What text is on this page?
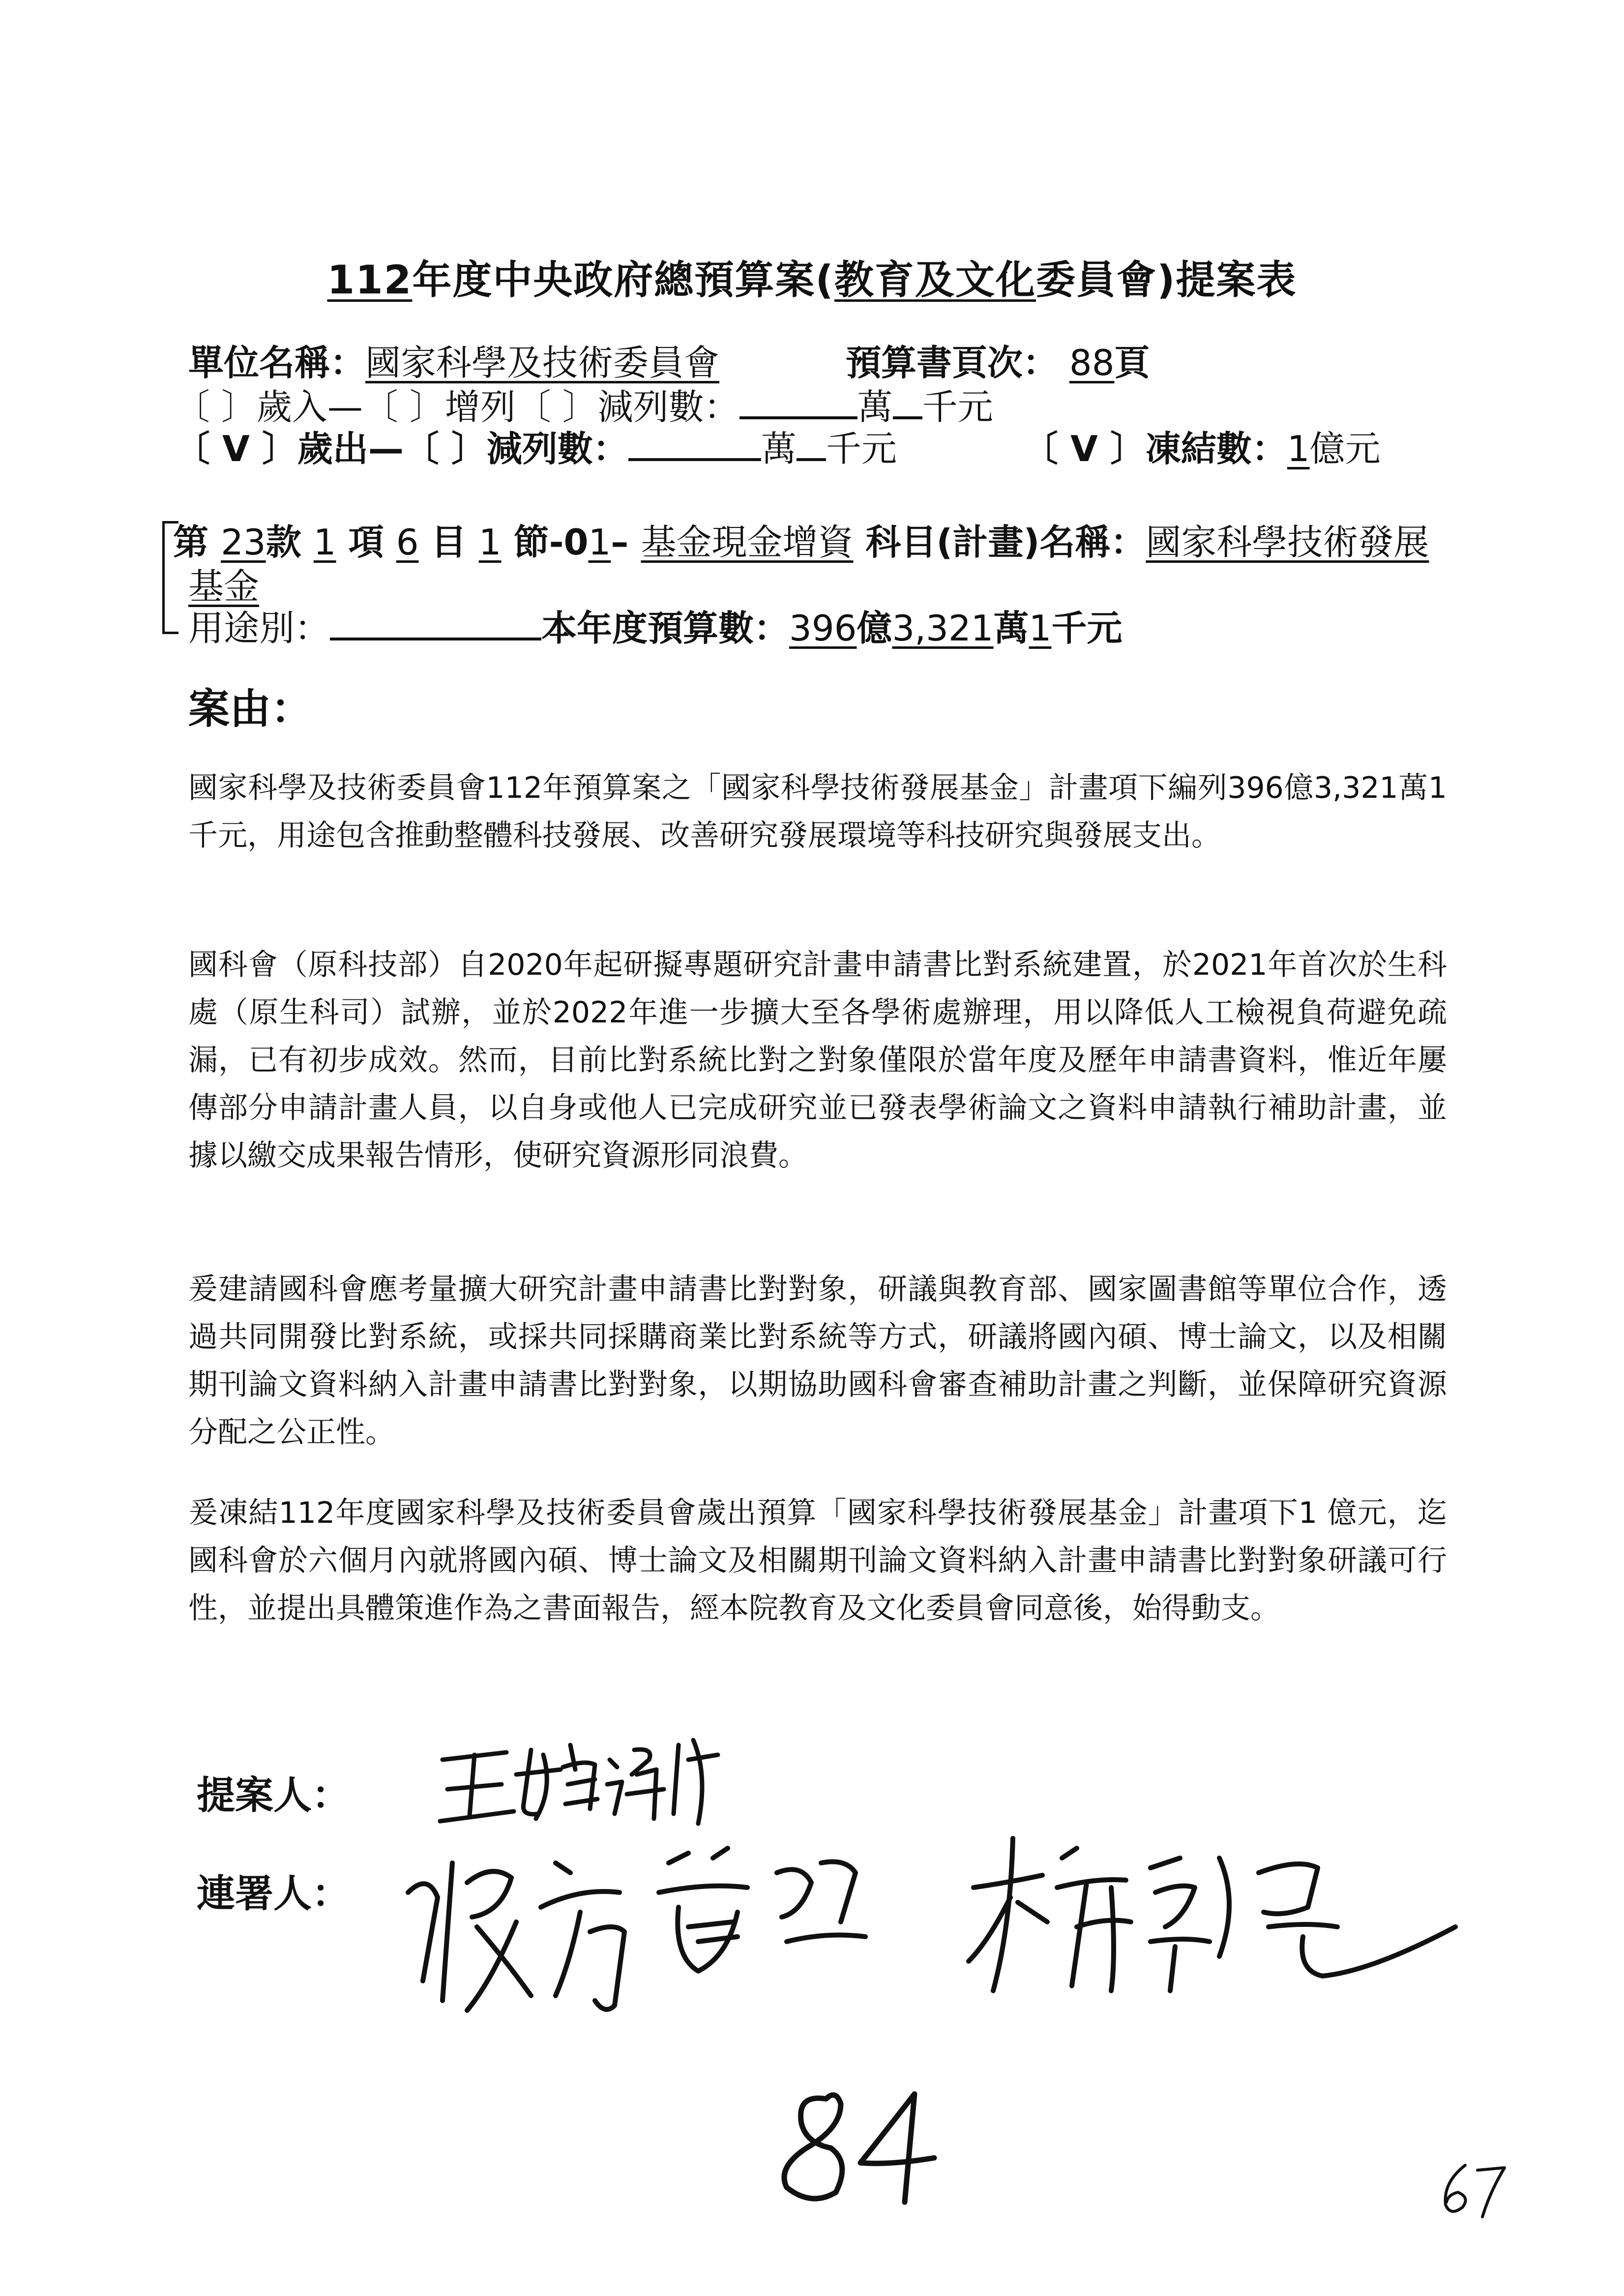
112年度中央政府總預算案(教育及文化委員會)提案表
單位名稱：國家科學及技術委員會	預算書頁次： 88頁
〔 〕歲入—〔 〕增列〔 〕減列數：	萬 千元
〔 V 〕歲出—〔 〕減列數：	萬 千元	〔 V 〕凍結數：1億元
第 23款 1 項 6 目 1 節-01– 基金現金增資 科目(計畫)名稱：國家科學技術發展
基金
用途別：	本年度預算數：396億3,321萬1千元
案由：
國家科學及技術委員會112年預算案之「國家科學技術發展基金」計畫項下編列396億3,321萬1千元，用途包含推動整體科技發展、改善研究發展環境等科技研究與發展支出。
國科會（原科技部）自2020年起研擬專題研究計畫申請書比對系統建置，於2021年首次於生科處（原生科司）試辦，並於2022年進一步擴大至各學術處辦理，用以降低人工檢視負荷避免疏漏，已有初步成效。然而，目前比對系統比對之對象僅限於當年度及歷年申請書資料，惟近年屢傳部分申請計畫人員，以自身或他人已完成研究並已發表學術論文之資料申請執行補助計畫，並據以繳交成果報告情形，使研究資源形同浪費。
爰建請國科會應考量擴大研究計畫申請書比對對象，研議與教育部、國家圖書館等單位合作，透過共同開發比對系統，或採共同採購商業比對系統等方式，研議將國內碩、博士論文，以及相關期刊論文資料納入計畫申請書比對對象，以期協助國科會審查補助計畫之判斷，並保障研究資源分配之公正性。
爰凍結112年度國家科學及技術委員會歲出預算「國家科學技術發展基金」計畫項下1 億元，迄國科會於六個月內就將國內碩、博士論文及相關期刊論文資料納入計畫申請書比對對象研議可行性，並提出具體策進作為之書面報告，經本院教育及文化委員會同意後，始得動支。
提案人：
連署人：
